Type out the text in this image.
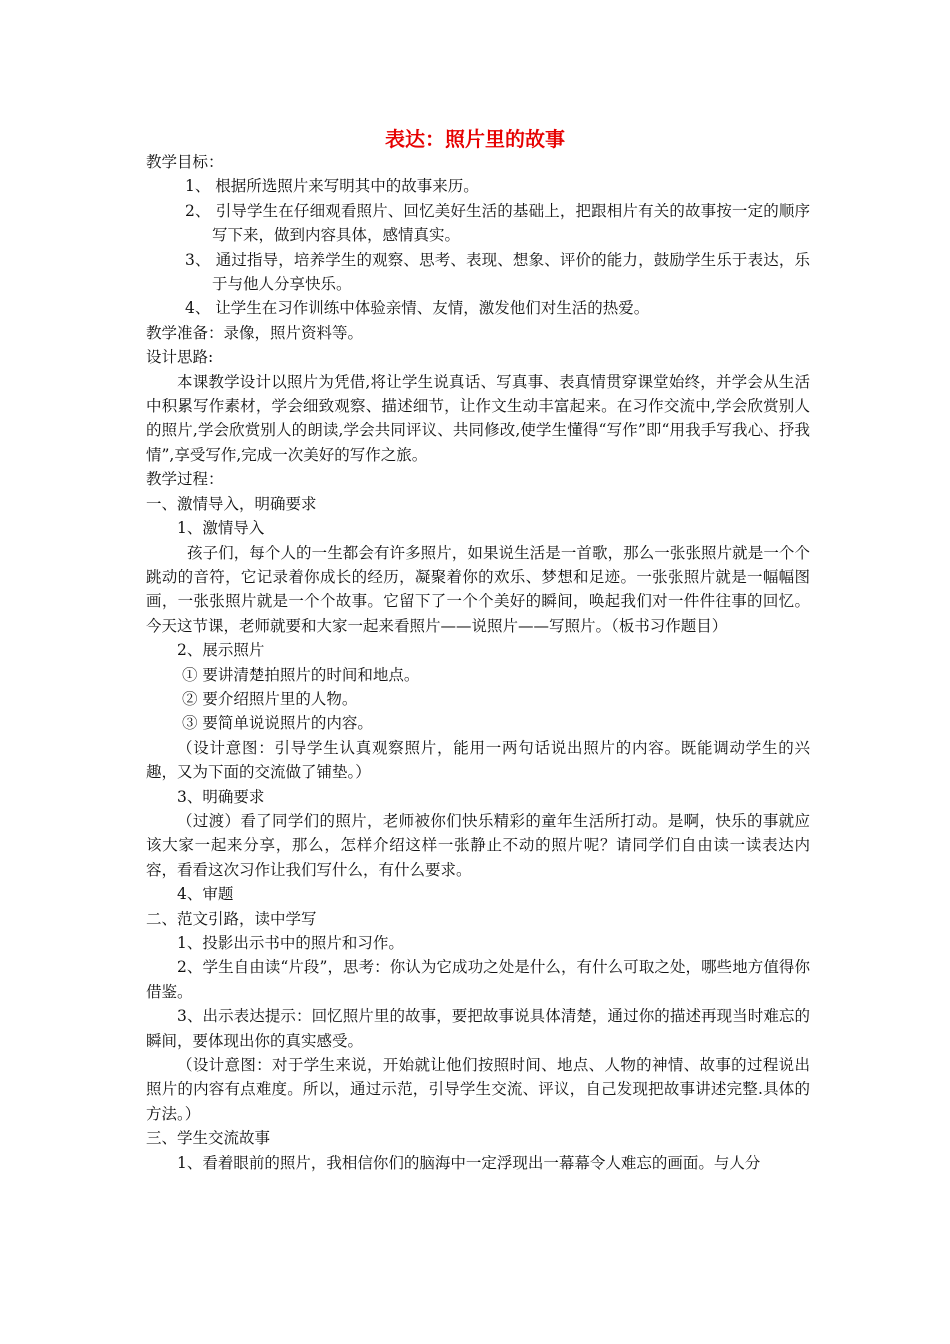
表达：照片里的故事

教学目标：

1、 根据所选照片来写明其中的故事来历。

2、 引导学生在仔细观看照片、回忆美好生活的基础上，把跟相片有关的故事按一定的顺序写下来，做到内容具体，感情真实。

3、 通过指导，培养学生的观察、思考、表现、想象、评价的能力，鼓励学生乐于表达，乐于与他人分享快乐。

4、 让学生在习作训练中体验亲情、友情，激发他们对生活的热爱。

教学准备：录像，照片资料等。

设计思路:

本课教学设计以照片为凭借,将让学生说真话、写真事、表真情贯穿课堂始终，并学会从生活中积累写作素材，学会细致观察、描述细节，让作文生动丰富起来。在习作交流中,学会欣赏别人的照片,学会欣赏别人的朗读,学会共同评议、共同修改,使学生懂得“写作”即“用我手写我心、抒我情”,享受写作,完成一次美好的写作之旅。

教学过程：

一、激情导入，明确要求

1、激情导入

孩子们，每个人的一生都会有许多照片，如果说生活是一首歌，那么一张张照片就是一个个跳动的音符，它记录着你成长的经历，凝聚着你的欢乐、梦想和足迹。一张张照片就是一幅幅图画，一张张照片就是一个个故事。它留下了一个个美好的瞬间，唤起我们对一件件往事的回忆。今天这节课，老师就要和大家一起来看照片——说照片——写照片。（板书习作题目）

2、展示照片

① 要讲清楚拍照片的时间和地点。

② 要介绍照片里的人物。

③ 要简单说说照片的内容。

（设计意图：引导学生认真观察照片，能用一两句话说出照片的内容。既能调动学生的兴趣，又为下面的交流做了铺垫。）

3、明确要求

（过渡）看了同学们的照片，老师被你们快乐精彩的童年生活所打动。是啊，快乐的事就应该大家一起来分享，那么，怎样介绍这样一张静止不动的照片呢？请同学们自由读一读表达内容，看看这次习作让我们写什么，有什么要求。

4、审题

二、范文引路，读中学写

1、投影出示书中的照片和习作。

2、学生自由读“片段”，思考：你认为它成功之处是什么，有什么可取之处，哪些地方值得你借鉴。

3、出示表达提示：回忆照片里的故事，要把故事说具体清楚，通过你的描述再现当时难忘的瞬间，要体现出你的真实感受。

（设计意图：对于学生来说，开始就让他们按照时间、地点、人物的神情、故事的过程说出照片的内容有点难度。所以，通过示范，引导学生交流、评议，自己发现把故事讲述完整.具体的方法。）

三、学生交流故事

1、看着眼前的照片，我相信你们的脑海中一定浮现出一幕幕令人难忘的画面。与人分
